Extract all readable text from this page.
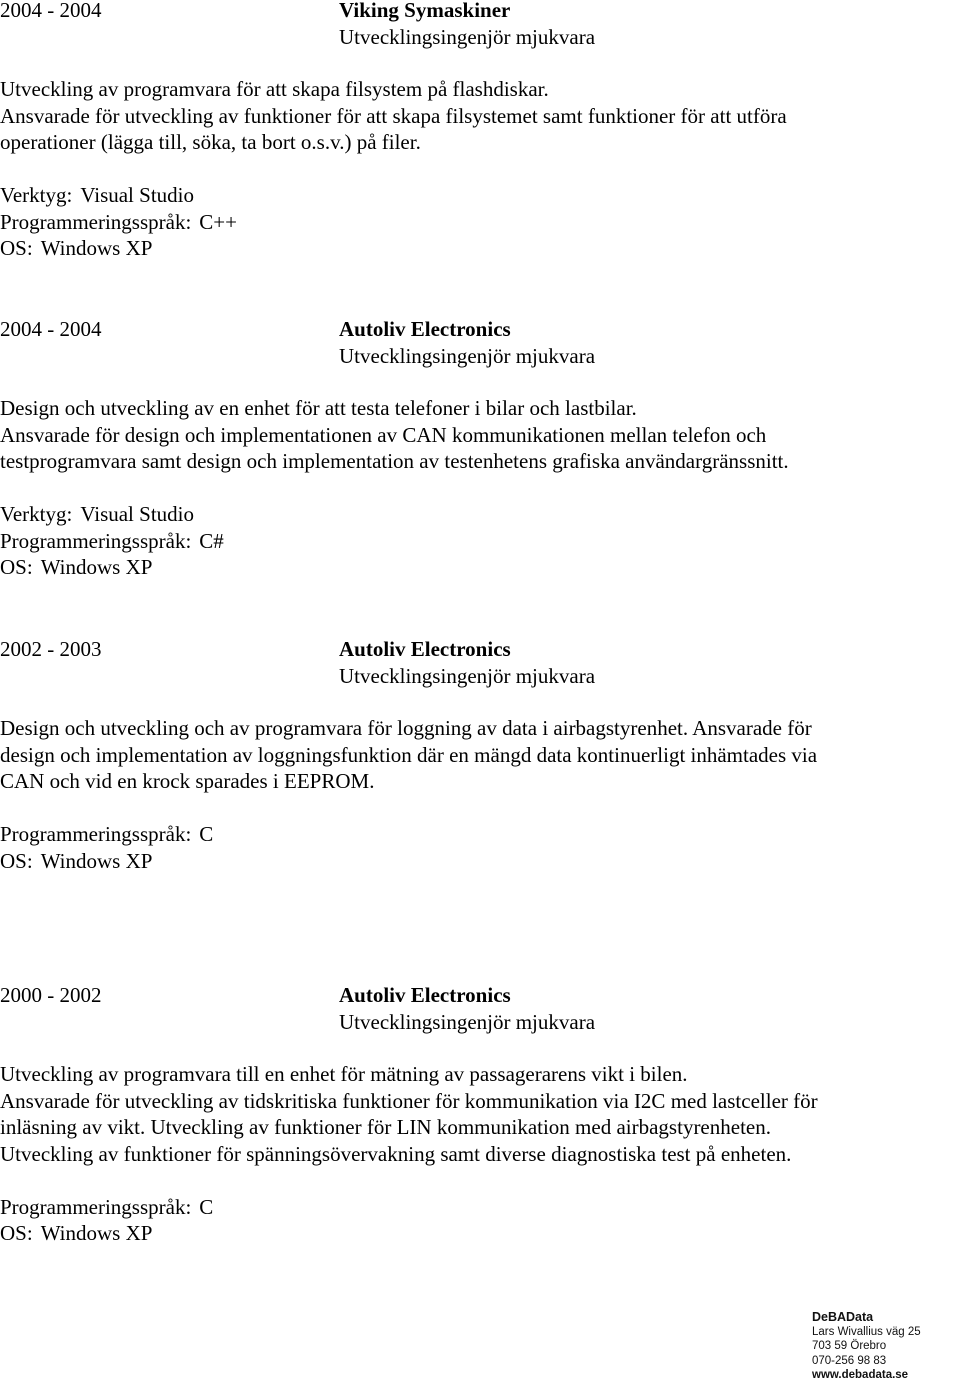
2004 - 2004	Viking Symaskiner
Utvecklingsingenjör mjukvara
Utveckling av programvara för att skapa filsystem på flashdiskar.
Ansvarade för utveckling av funktioner för att skapa filsystemet samt funktioner för att utföra
operationer (lägga till, söka, ta bort o.s.v.) på filer.
Verktyg: Visual Studio
Programmeringsspråk: C++
OS: Windows XP
2004 - 2004	Autoliv Electronics
Utvecklingsingenjör mjukvara
Design och utveckling av en enhet för att testa telefoner i bilar och lastbilar.
Ansvarade för design och implementationen av CAN kommunikationen mellan telefon och
testprogramvara samt design och implementation av testenhetens grafiska användargränssnitt.
Verktyg: Visual Studio
Programmeringsspråk: C#
OS: Windows XP
2002 - 2003	Autoliv Electronics
Utvecklingsingenjör mjukvara
Design och utveckling och av programvara för loggning av data i airbagstyrenhet. Ansvarade för
design och implementation av loggningsfunktion där en mängd data kontinuerligt inhämtades via
CAN och vid en krock sparades i EEPROM.
Programmeringsspråk: C
OS: Windows XP
2000 - 2002	Autoliv Electronics
Utvecklingsingenjör mjukvara
Utveckling av programvara till en enhet för mätning av passagerarens vikt i bilen.
Ansvarade för utveckling av tidskritiska funktioner för kommunikation via I2C med lastceller för
inläsning av vikt. Utveckling av funktioner för LIN kommunikation med airbagstyrenheten.
Utveckling av funktioner för spänningsövervakning samt diverse diagnostiska test på enheten.
Programmeringsspråk: C
OS: Windows XP
DeBAData
Lars Wivallius väg 25
703 59 Örebro
070-256 98 83
www.debadata.se
